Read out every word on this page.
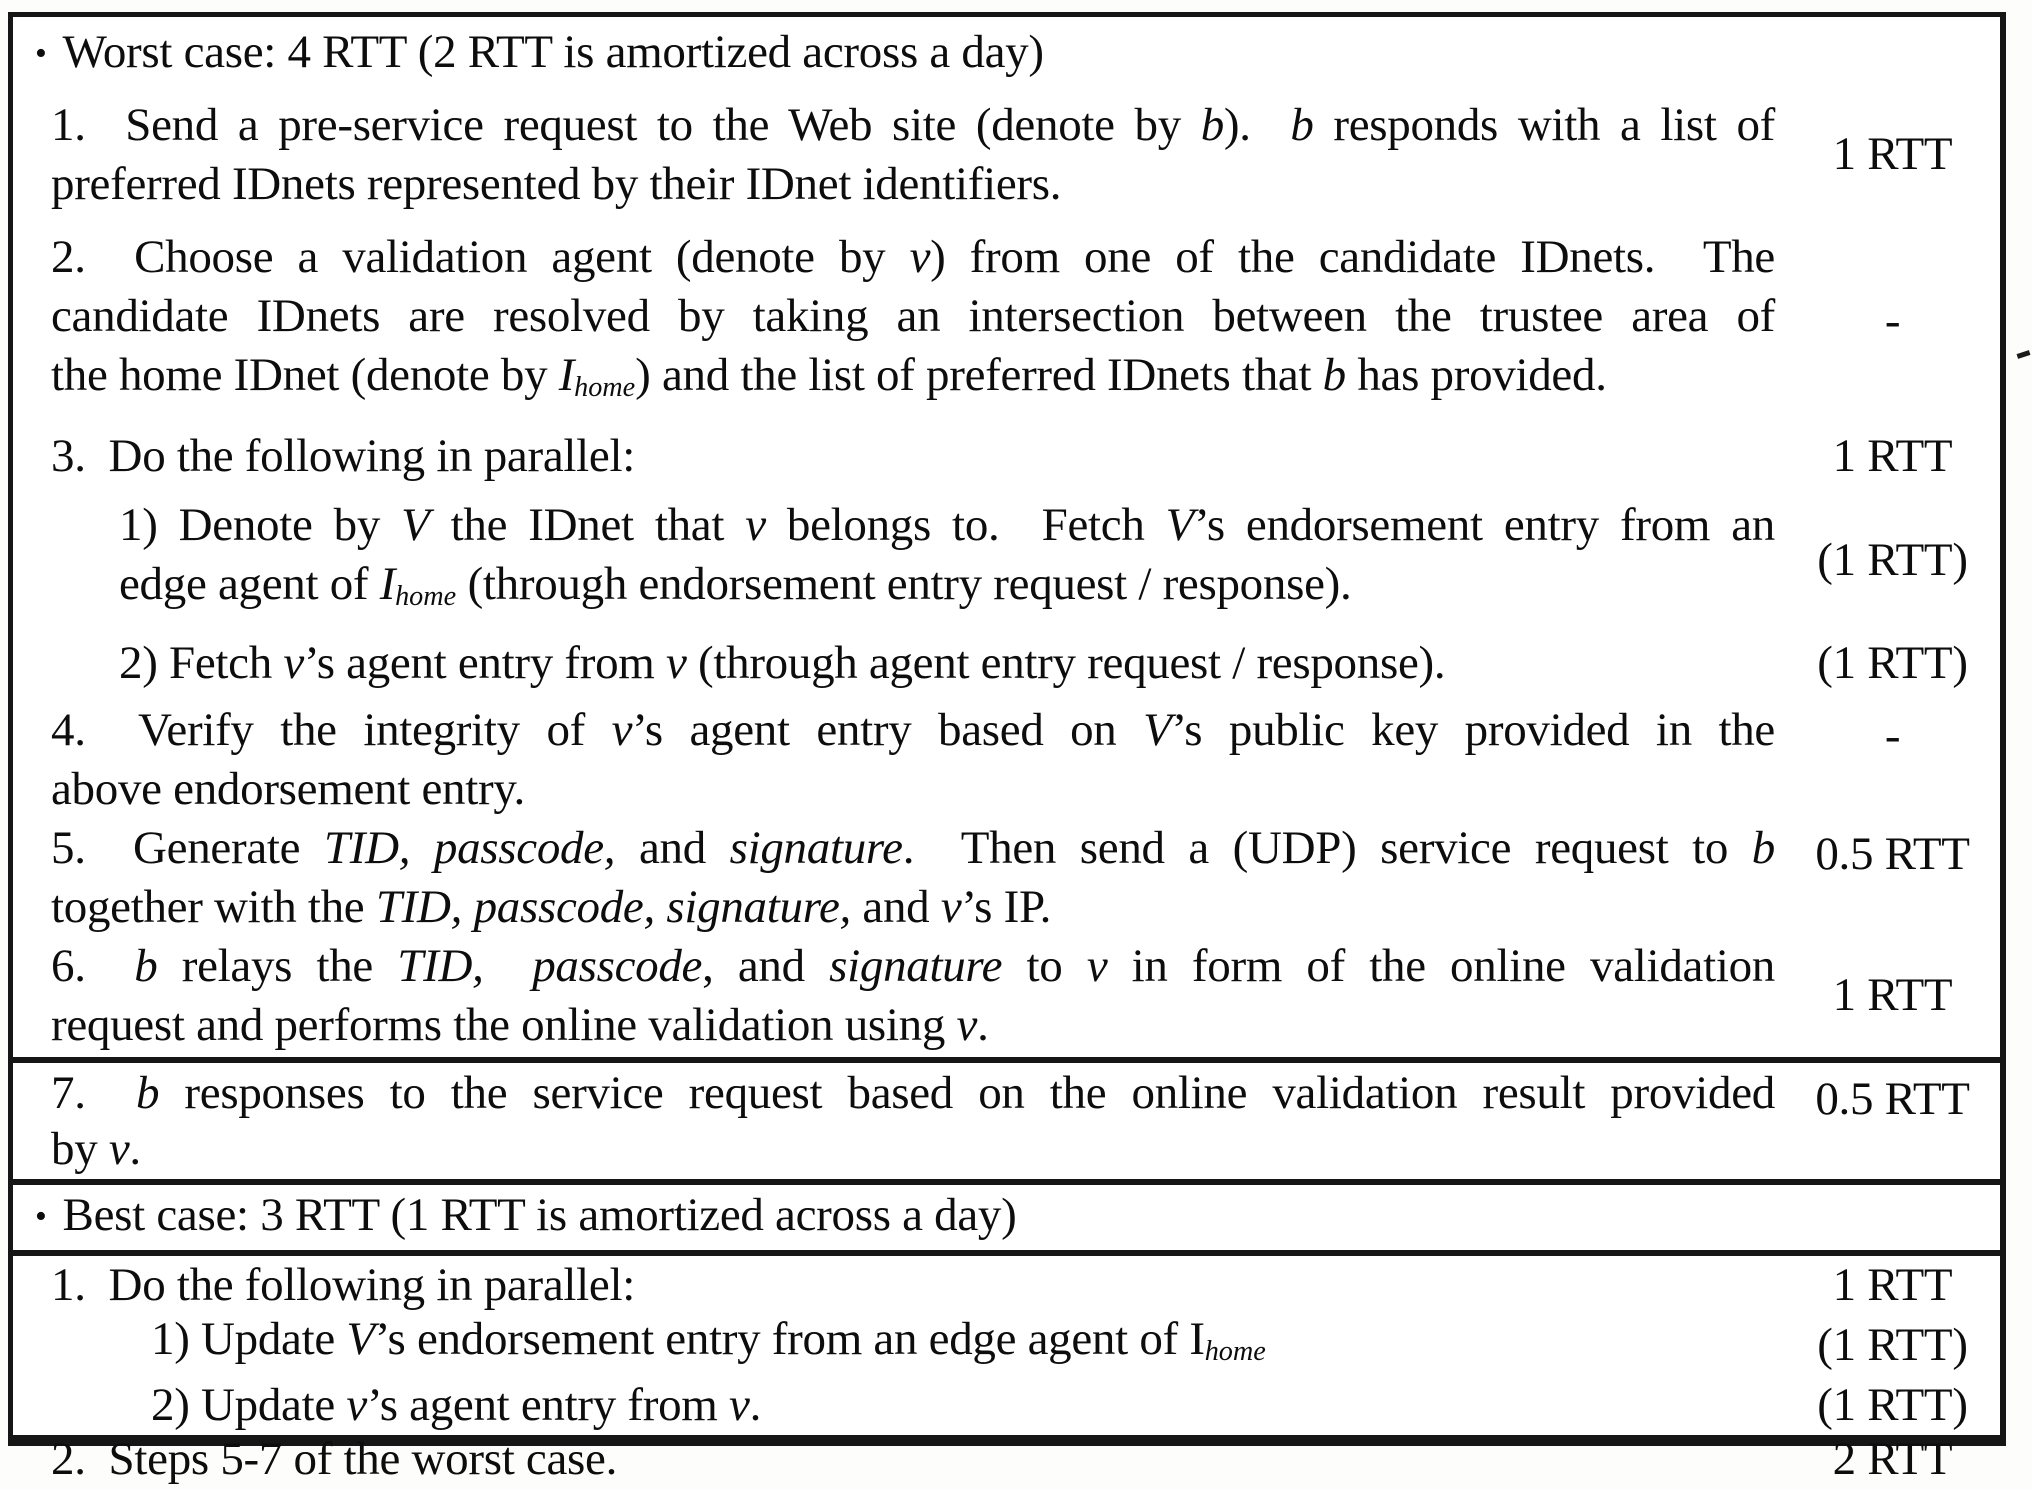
• Worst case: 4 RTT (2 RTT is amortized across a day)
1.  Send a pre-service request to the Web site (denote by b).  b responds with a list of
preferred IDnets represented by their IDnet identifiers.
1 RTT
2.  Choose a validation agent (denote by v) from one of the candidate IDnets.  The
candidate IDnets are resolved by taking an intersection between the trustee area of
the home IDnet (denote by Ihome) and the list of preferred IDnets that b has provided.
-
3.  Do the following in parallel:	1 RTT
1) Denote by V the IDnet that v belongs to.  Fetch V’s endorsement entry from an
edge agent of Ihome (through endorsement entry request / response).	(1 RTT)
2) Fetch v’s agent entry from v (through agent entry request / response).	(1 RTT)
4.  Verify the integrity of v’s agent entry based on V’s public key provided in the
above endorsement entry.
-
5.  Generate TID, passcode, and signature.  Then send a (UDP) service request to b
together with the TID, passcode, signature, and v’s IP.
0.5 RTT
6.  b relays the TID, passcode, and signature to v in form of the online validation
request and performs the online validation using v.
1 RTT
7.  b responses to the service request based on the online validation result provided
by v.
0.5 RTT
• Best case: 3 RTT (1 RTT is amortized across a day)
1.  Do the following in parallel:	1 RTT
1) Update V’s endorsement entry from an edge agent of Ihome	(1 RTT)
2) Update v’s agent entry from v.	(1 RTT)
2.  Steps 5-7 of the worst case.	2 RTT
